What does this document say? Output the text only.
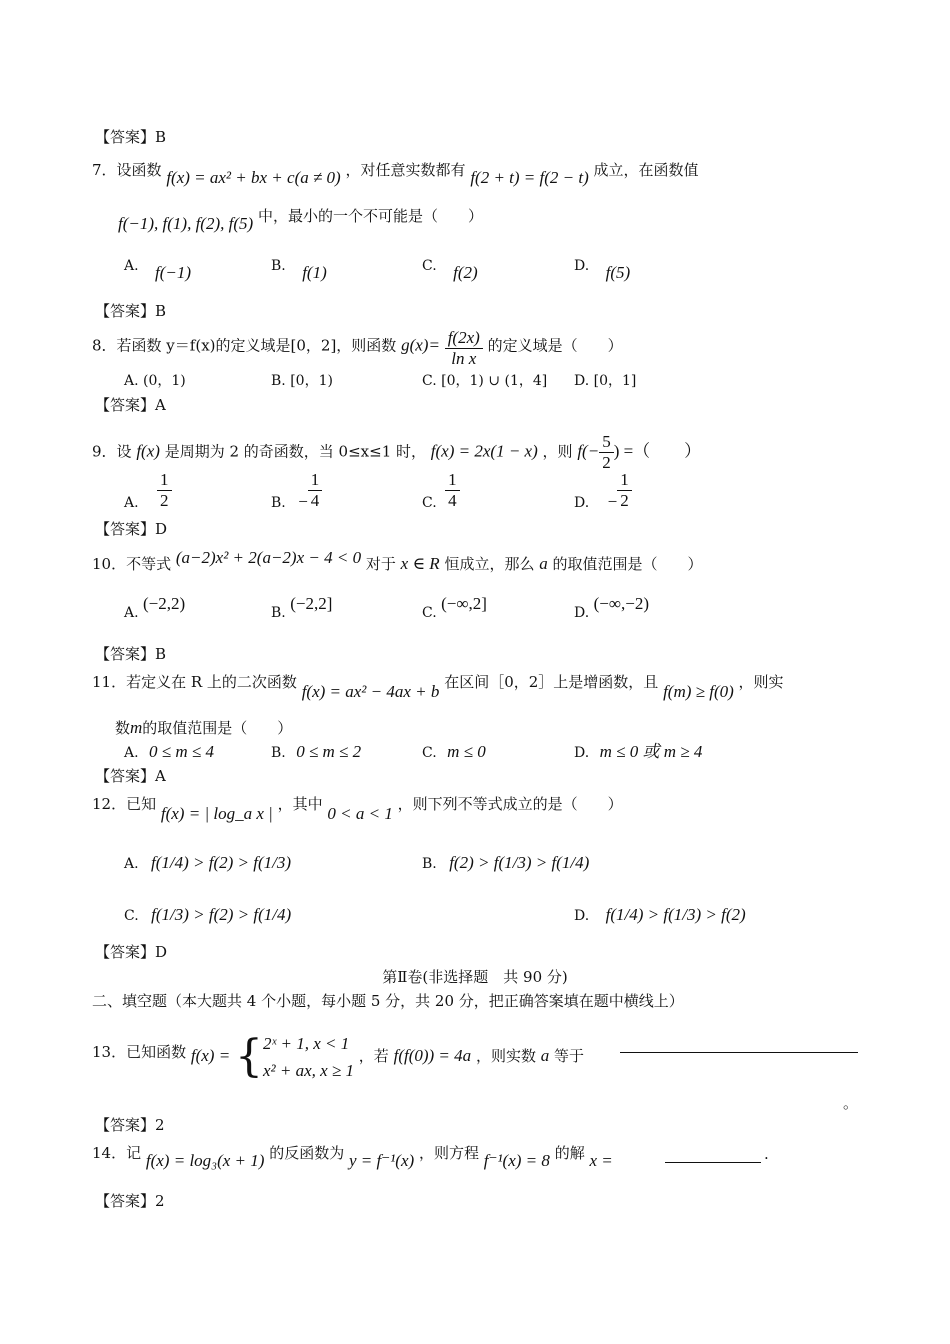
【答案】B
7．设函数 f(x) = ax² + bx + c(a ≠ 0) ，对任意实数都有 f(2 + t) = f(2 − t) 成立，在函数值
f(−1), f(1), f(2), f(5) 中，最小的一个不可能是（　　）
A. f(−1)	B. f(1)	C. f(2)	D. f(5)
【答案】B
8．若函数 y＝f(x)的定义域是[0，2]，则函数 $g(x)= \frac{f(2x)}{\text{ln x}}$ 的定义域是（　　）
A. (0，1)	B. [0，1)	C. [0，1) ∪ (1，4] D. [0，1]
【答案】A
9．设 f(x) 是周期为 2 的奇函数，当 0≤x≤1 时， f(x) = 2x(1 − x) ，则 $f(- \frac{5}{2}$ ) =（　　）
A. $\frac{1}{2}$	B. − $\frac{1}{4}$	C. $\frac{1}{4}$	D. − $\frac{1}{2}$
【答案】D
10．不等式 (a−2)x² + 2(a−2)x − 4 < 0 对于 x ∈ R 恒成立，那么 a 的取值范围是（　　）
A. (−2,2)	B. (−2,2]	C. (−∞,2]	D. (−∞,−2)
【答案】B
11．若定义在 R 上的二次函数 f(x) = ax² − 4ax + b 在区间［0，2］上是增函数，且 f(m) ≥ f(0) ，则实
数m的取值范围是（　　）
A. 0 ≤ m ≤ 4	B. 0 ≤ m ≤ 2	C. m ≤ 0	D. m ≤ 0 或 m ≥ 4
【答案】A
12．已知 f(x) = | log_a x | ，其中 0 < a < 1 ，则下列不等式成立的是（　　）
A. f(1/4) > f(2) > f(1/3)	B. f(2) > f(1/3) > f(1/4)
C. f(1/3) > f(2) > f(1/4)	D. f(1/4) > f(1/3) > f(2)
【答案】D
第Ⅱ卷(非选择题　共 90 分)
二、填空题（本大题共 4 个小题，每小题 5 分，共 20 分，把正确答案填在题中横线上）
13．已知函数 f(x) = { 2ˣ + 1, x < 1
x² + ax, x ≥ 1
，若 f(f(0)) = 4a ，则实数 a 等于
。
【答案】2
14．记 f(x) = log₃(x + 1) 的反函数为 y = f⁻¹(x) ，则方程 f⁻¹(x) = 8 的解 x =	.
【答案】2
